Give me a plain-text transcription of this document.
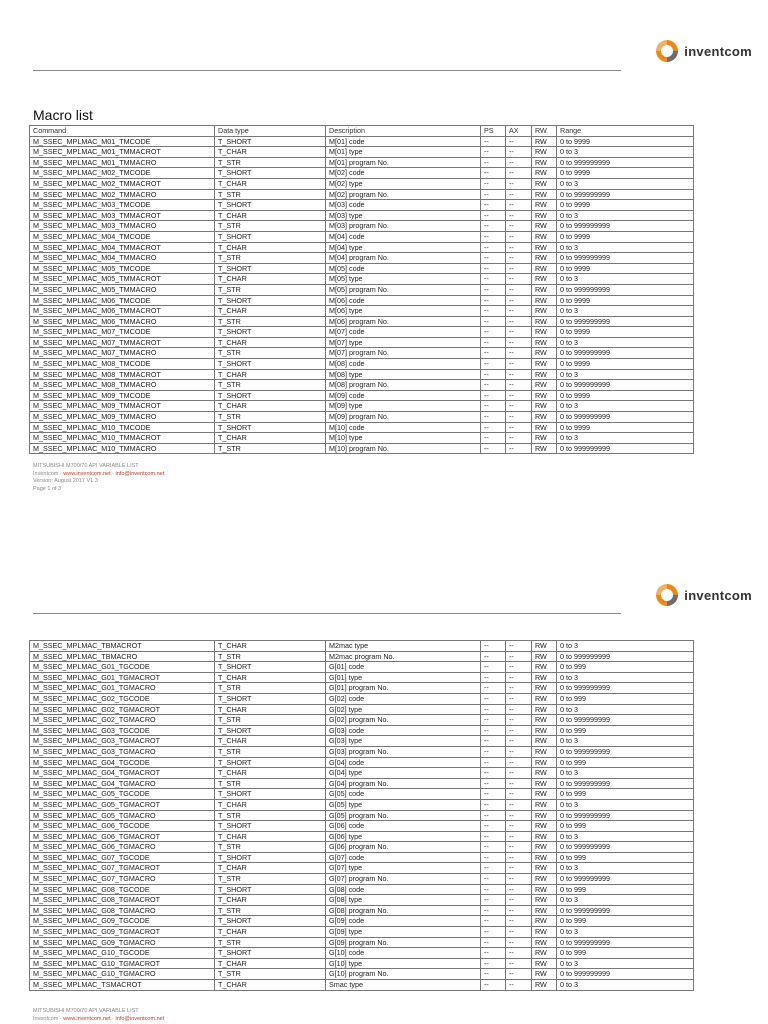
inventcom
Macro list
Command	Data type	Description	PS	AX	RW	Range
M_SSEC_MPLMAC_M01_TMCODE	T_SHORT	M[01] code	--	--	RW	0 to 9999
M_SSEC_MPLMAC_M01_TMMACROT	T_CHAR	M[01] type	--	--	RW	0 to 3
M_SSEC_MPLMAC_M01_TMMACRO	T_STR	M[01] program No.	--	--	RW	0 to 999999999
M_SSEC_MPLMAC_M02_TMCODE	T_SHORT	M[02] code	--	--	RW	0 to 9999
M_SSEC_MPLMAC_M02_TMMACROT	T_CHAR	M[02] type	--	--	RW	0 to 3
M_SSEC_MPLMAC_M02_TMMACRO	T_STR	M[02] program No.	--	--	RW	0 to 999999999
M_SSEC_MPLMAC_M03_TMCODE	T_SHORT	M[03] code	--	--	RW	0 to 9999
M_SSEC_MPLMAC_M03_TMMACROT	T_CHAR	M[03] type	--	--	RW	0 to 3
M_SSEC_MPLMAC_M03_TMMACRO	T_STR	M[03] program No.	--	--	RW	0 to 999999999
M_SSEC_MPLMAC_M04_TMCODE	T_SHORT	M[04] code	--	--	RW	0 to 9999
M_SSEC_MPLMAC_M04_TMMACROT	T_CHAR	M[04] type	--	--	RW	0 to 3
M_SSEC_MPLMAC_M04_TMMACRO	T_STR	M[04] program No.	--	--	RW	0 to 999999999
M_SSEC_MPLMAC_M05_TMCODE	T_SHORT	M[05] code	--	--	RW	0 to 9999
M_SSEC_MPLMAC_M05_TMMACROT	T_CHAR	M[05] type	--	--	RW	0 to 3
M_SSEC_MPLMAC_M05_TMMACRO	T_STR	M[05] program No.	--	--	RW	0 to 999999999
M_SSEC_MPLMAC_M06_TMCODE	T_SHORT	M[06] code	--	--	RW	0 to 9999
M_SSEC_MPLMAC_M06_TMMACROT	T_CHAR	M[06] type	--	--	RW	0 to 3
M_SSEC_MPLMAC_M06_TMMACRO	T_STR	M[06] program No.	--	--	RW	0 to 999999999
M_SSEC_MPLMAC_M07_TMCODE	T_SHORT	M[07] code	--	--	RW	0 to 9999
M_SSEC_MPLMAC_M07_TMMACROT	T_CHAR	M[07] type	--	--	RW	0 to 3
M_SSEC_MPLMAC_M07_TMMACRO	T_STR	M[07] program No.	--	--	RW	0 to 999999999
M_SSEC_MPLMAC_M08_TMCODE	T_SHORT	M[08] code	--	--	RW	0 to 9999
M_SSEC_MPLMAC_M08_TMMACROT	T_CHAR	M[08] type	--	--	RW	0 to 3
M_SSEC_MPLMAC_M08_TMMACRO	T_STR	M[08] program No.	--	--	RW	0 to 999999999
M_SSEC_MPLMAC_M09_TMCODE	T_SHORT	M[09] code	--	--	RW	0 to 9999
M_SSEC_MPLMAC_M09_TMMACROT	T_CHAR	M[09] type	--	--	RW	0 to 3
M_SSEC_MPLMAC_M09_TMMACRO	T_STR	M[09] program No.	--	--	RW	0 to 999999999
M_SSEC_MPLMAC_M10_TMCODE	T_SHORT	M[10] code	--	--	RW	0 to 9999
M_SSEC_MPLMAC_M10_TMMACROT	T_CHAR	M[10] type	--	--	RW	0 to 3
M_SSEC_MPLMAC_M10_TMMACRO	T_STR	M[10] program No.	--	--	RW	0 to 999999999
MITSUBISHI M700/70 API VARIABLE LIST
Inventcom · www.inventcom.net · info@inventcom.net
Version: August 2017 V1.3
Page 1 of 3
inventcom
M_SSEC_MPLMAC_TBMACROT	T_CHAR	M2mac type	--	--	RW	0 to 3
M_SSEC_MPLMAC_TBMACRO	T_STR	M2mac program No.	--	--	RW	0 to 999999999
M_SSEC_MPLMAC_G01_TGCODE	T_SHORT	G[01] code	--	--	RW	0 to 999
M_SSEC_MPLMAC_G01_TGMACROT	T_CHAR	G[01] type	--	--	RW	0 to 3
M_SSEC_MPLMAC_G01_TGMACRO	T_STR	G[01] program No.	--	--	RW	0 to 999999999
M_SSEC_MPLMAC_G02_TGCODE	T_SHORT	G[02] code	--	--	RW	0 to 999
M_SSEC_MPLMAC_G02_TGMACROT	T_CHAR	G[02] type	--	--	RW	0 to 3
M_SSEC_MPLMAC_G02_TGMACRO	T_STR	G[02] program No.	--	--	RW	0 to 999999999
M_SSEC_MPLMAC_G03_TGCODE	T_SHORT	G[03] code	--	--	RW	0 to 999
M_SSEC_MPLMAC_G03_TGMACROT	T_CHAR	G[03] type	--	--	RW	0 to 3
M_SSEC_MPLMAC_G03_TGMACRO	T_STR	G[03] program No.	--	--	RW	0 to 999999999
M_SSEC_MPLMAC_G04_TGCODE	T_SHORT	G[04] code	--	--	RW	0 to 999
M_SSEC_MPLMAC_G04_TGMACROT	T_CHAR	G[04] type	--	--	RW	0 to 3
M_SSEC_MPLMAC_G04_TGMACRO	T_STR	G[04] program No.	--	--	RW	0 to 999999999
M_SSEC_MPLMAC_G05_TGCODE	T_SHORT	G[05] code	--	--	RW	0 to 999
M_SSEC_MPLMAC_G05_TGMACROT	T_CHAR	G[05] type	--	--	RW	0 to 3
M_SSEC_MPLMAC_G05_TGMACRO	T_STR	G[05] program No.	--	--	RW	0 to 999999999
M_SSEC_MPLMAC_G06_TGCODE	T_SHORT	G[06] code	--	--	RW	0 to 999
M_SSEC_MPLMAC_G06_TGMACROT	T_CHAR	G[06] type	--	--	RW	0 to 3
M_SSEC_MPLMAC_G06_TGMACRO	T_STR	G[06] program No.	--	--	RW	0 to 999999999
M_SSEC_MPLMAC_G07_TGCODE	T_SHORT	G[07] code	--	--	RW	0 to 999
M_SSEC_MPLMAC_G07_TGMACROT	T_CHAR	G[07] type	--	--	RW	0 to 3
M_SSEC_MPLMAC_G07_TGMACRO	T_STR	G[07] program No.	--	--	RW	0 to 999999999
M_SSEC_MPLMAC_G08_TGCODE	T_SHORT	G[08] code	--	--	RW	0 to 999
M_SSEC_MPLMAC_G08_TGMACROT	T_CHAR	G[08] type	--	--	RW	0 to 3
M_SSEC_MPLMAC_G08_TGMACRO	T_STR	G[08] program No.	--	--	RW	0 to 999999999
M_SSEC_MPLMAC_G09_TGCODE	T_SHORT	G[09] code	--	--	RW	0 to 999
M_SSEC_MPLMAC_G09_TGMACROT	T_CHAR	G[09] type	--	--	RW	0 to 3
M_SSEC_MPLMAC_G09_TGMACRO	T_STR	G[09] program No.	--	--	RW	0 to 999999999
M_SSEC_MPLMAC_G10_TGCODE	T_SHORT	G[10] code	--	--	RW	0 to 999
M_SSEC_MPLMAC_G10_TGMACROT	T_CHAR	G[10] type	--	--	RW	0 to 3
M_SSEC_MPLMAC_G10_TGMACRO	T_STR	G[10] program No.	--	--	RW	0 to 999999999
M_SSEC_MPLMAC_TSMACROT	T_CHAR	Smac type	--	--	RW	0 to 3
MITSUBISHI M700/70 API VARIABLE LIST
Inventcom · www.inventcom.net · info@inventcom.net
